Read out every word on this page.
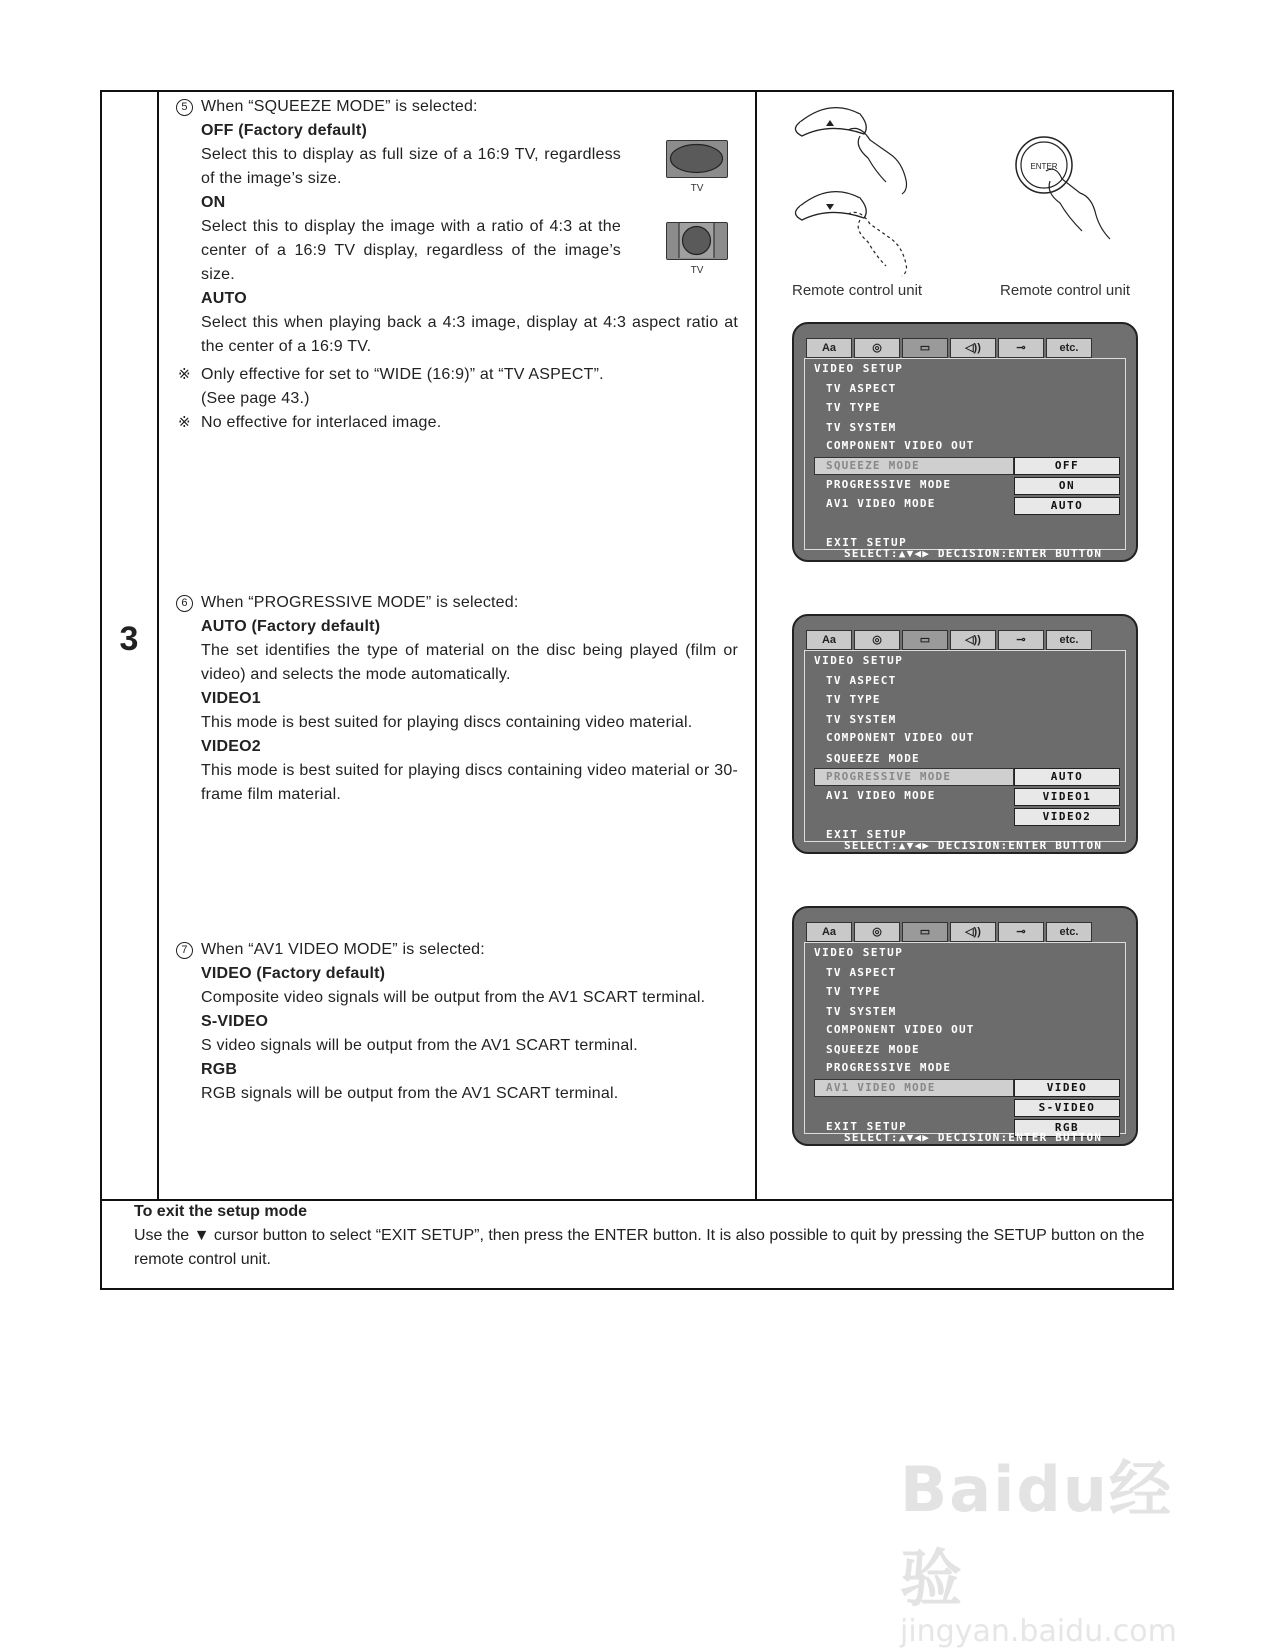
3
5 When “SQUEEZE MODE” is selected:
OFF (Factory default)
Select this to display as full size of a 16:9 TV, regardless of the image’s size.
ON
Select this to display the image with a ratio of 4:3 at the center of a 16:9 TV display, regardless of the image’s size.
AUTO
Select this when playing back a 4:3 image, display at 4:3 aspect ratio at the center of a 16:9 TV.
※ Only effective for set to “WIDE (16:9)” at “TV ASPECT”.
(See page 43.)
※ No effective for interlaced image.
TV
TV
6 When “PROGRESSIVE MODE” is selected:
AUTO (Factory default)
The set identifies the type of material on the disc being played (film or video) and selects the mode automatically.
VIDEO1
This mode is best suited for playing discs containing video material.
VIDEO2
This mode is best suited for playing discs containing video material or 30-frame film material.
7 When “AV1 VIDEO MODE” is selected:
VIDEO (Factory default)
Composite video signals will be output from the AV1 SCART terminal.
S-VIDEO
S video signals will be output from the AV1 SCART terminal.
RGB
RGB signals will be output from the AV1 SCART terminal.
Remote control unit
ENTER
Remote control unit
Aa	◎	▭	◁))	⊸	etc.
VIDEO SETUP
TV ASPECT
TV TYPE
TV SYSTEM
COMPONENT VIDEO OUT
SQUEEZE MODE
PROGRESSIVE MODE
AV1 VIDEO MODE
OFF
ON
AUTO
EXIT SETUP
SELECT:▲▼◀▶ DECISION:ENTER BUTTON
Aa	◎	▭	◁))	⊸	etc.
VIDEO SETUP
TV ASPECT
TV TYPE
TV SYSTEM
COMPONENT VIDEO OUT
SQUEEZE MODE
PROGRESSIVE MODE
AV1 VIDEO MODE
AUTO
VIDEO1
VIDEO2
EXIT SETUP
SELECT:▲▼◀▶ DECISION:ENTER BUTTON
Aa	◎	▭	◁))	⊸	etc.
VIDEO SETUP
TV ASPECT
TV TYPE
TV SYSTEM
COMPONENT VIDEO OUT
SQUEEZE MODE
PROGRESSIVE MODE
AV1 VIDEO MODE	VIDEO
S-VIDEO
RGB
EXIT SETUP
SELECT:▲▼◀▶ DECISION:ENTER BUTTON
To exit the setup mode
Use the ▼ cursor button to select “EXIT SETUP”, then press the ENTER button. It is also possible to quit by pressing the SETUP button on the remote control unit.
Baidu经验
jingyan.baidu.com
